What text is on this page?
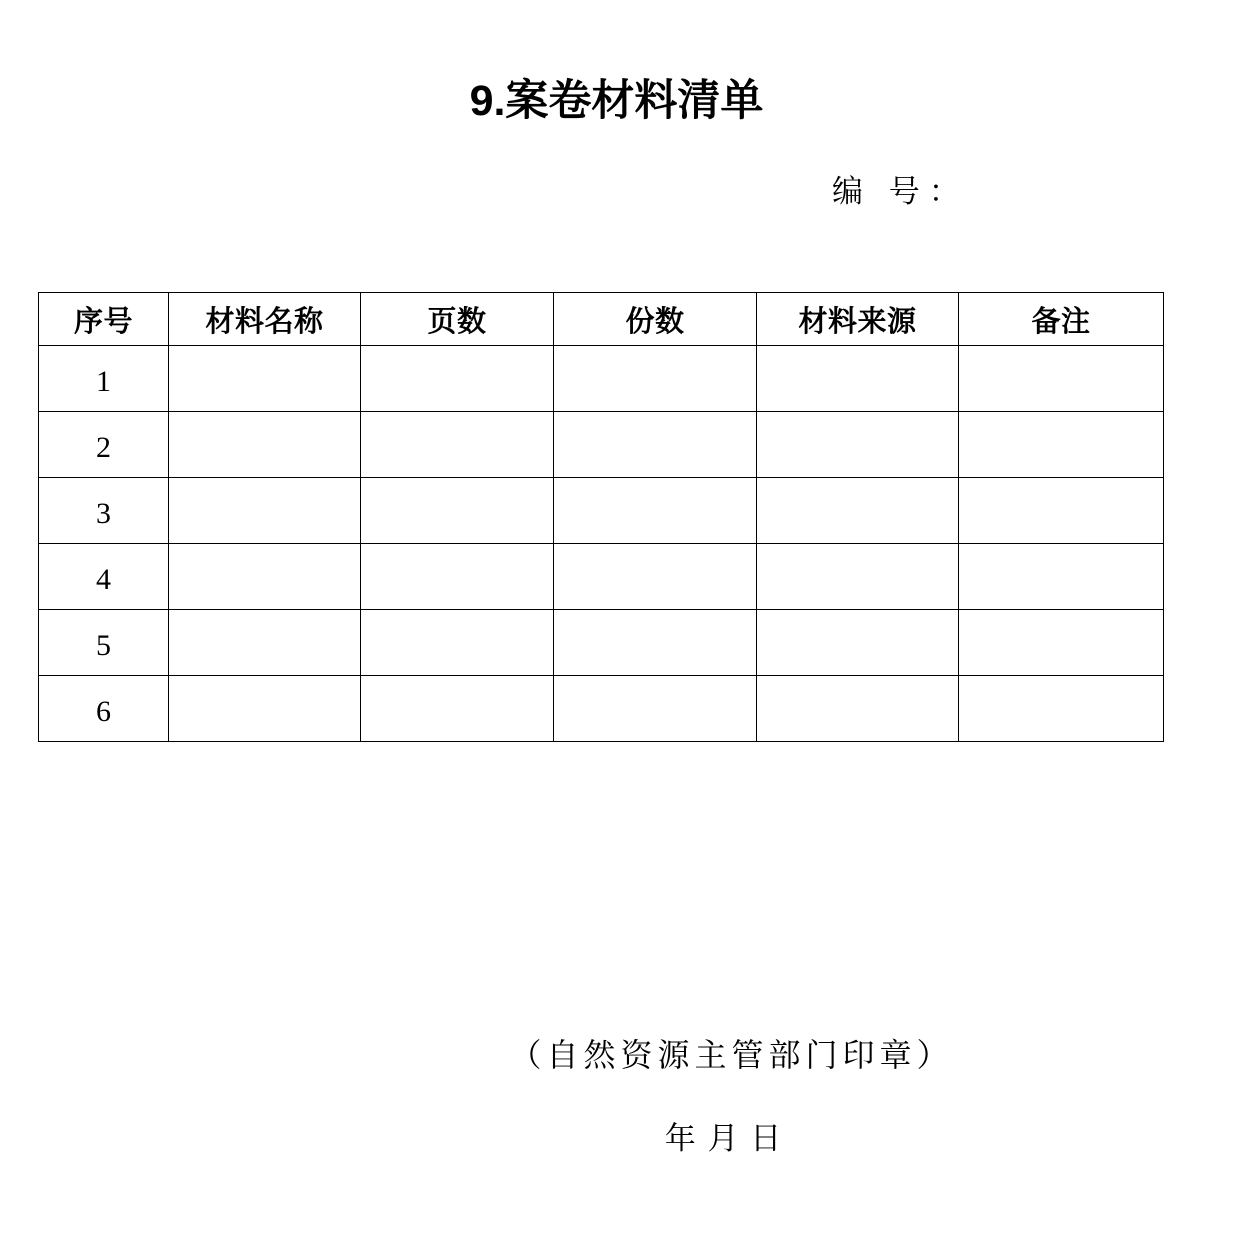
9.案卷材料清单
编 号：
序号	材料名称	页数	份数	材料来源	备注

1					

2					

3					

4					

5					

6					

（自然资源主管部门印章）
年 月 日
